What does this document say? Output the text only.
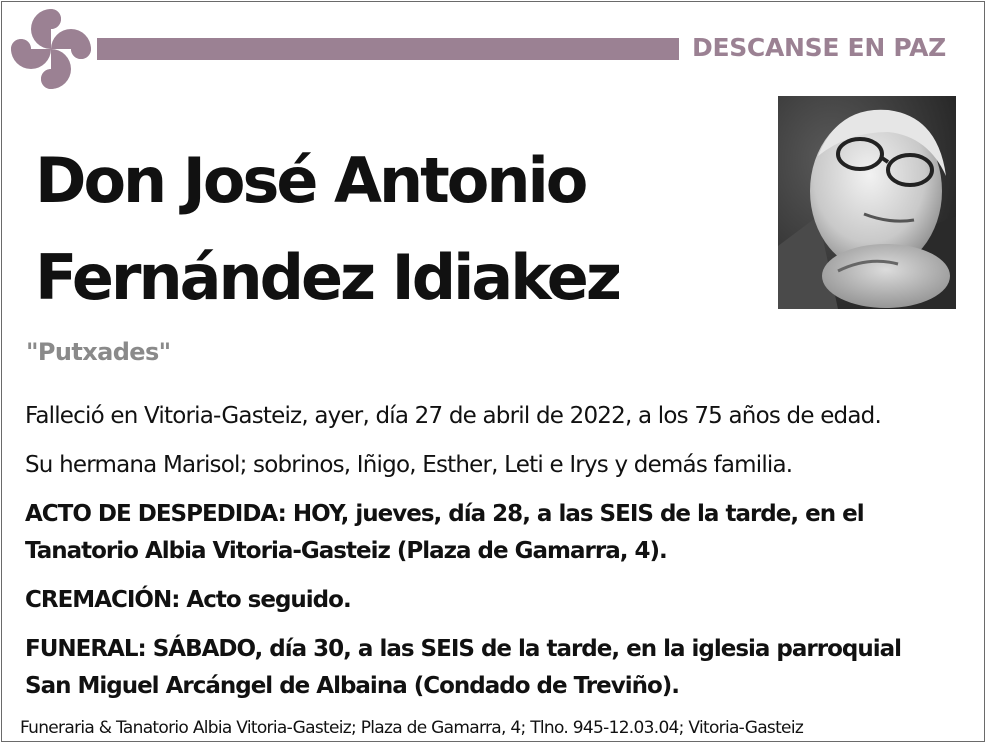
DESCANSE EN PAZ
Don José Antonio
Fernández Idiakez
"Putxades"
Falleció en Vitoria-Gasteiz, ayer, día 27 de abril de 2022, a los 75 años de edad.
Su hermana Marisol; sobrinos, Iñigo, Esther, Leti e Irys y demás familia.
ACTO DE DESPEDIDA: HOY, jueves, día 28, a las SEIS de la tarde, en el
Tanatorio Albia Vitoria-Gasteiz (Plaza de Gamarra, 4).
CREMACIÓN: Acto seguido.
FUNERAL: SÁBADO, día 30, a las SEIS de la tarde, en la iglesia parroquial
San Miguel Arcángel de Albaina (Condado de Treviño).
Funeraria & Tanatorio Albia Vitoria-Gasteiz; Plaza de Gamarra, 4; Tlno. 945-12.03.04; Vitoria-Gasteiz
